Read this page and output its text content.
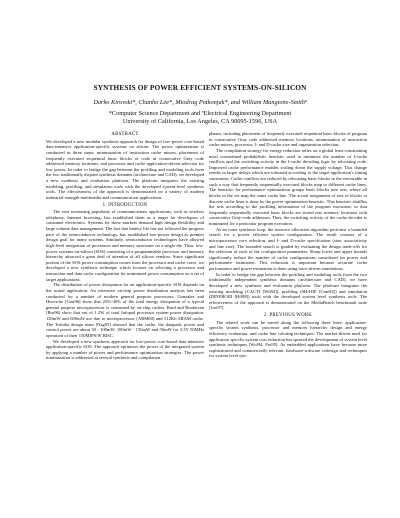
SYNTHESIS OF POWER EFFICIENT SYSTEMS-ON-SILICON
Darko Kirovski*, Chunho Lee*, Miodrag Potkonjak*, and William Mangione-Smithª
*Computer Science Department and ªElectrical Engineering Department
University of California, Los Angeles, CA 90095-1596, USA
ABSTRACT

We developed a new modular synthesis approach for design of low-power core-based data-intensive application-specific systems on silicon. The power optimization is conducted in three steps: minimization of instruction cache misses, placement of frequently executed sequential basic blocks of code in consecutive Gray code addressed memory locations, and processor and cache application-driven selection for low power. In order to bridge the gap between the profiling and modeling tools from the two traditionally disjoint synthesis domains (architecture and CAD), we developed a new synthesis and evaluation platform. The platform integrates the existing modeling, profiling, and simulation tools with the developed system-level synthesis tools. The effectiveness of the approach is demonstrated on a variety of modern industrial-strength multimedia and communication applications.

1. INTRODUCTION

The ever increasing popularity of communications applications, such as wireless telephony, Internet browsing, has established them as a target for developers of consumer electronics. Systems for these markets demand high design flexibility and large volume data management. The fact that battery life has not followed the progress pace of the semiconductor technology, has established low-power design as premier design goal for many systems. Similarly, semiconductor technologies have allowed high-level integration of processors and memory structures on a single die. Thus, low-power systems-on-silicon (SOS) consisting of a programmable processor and memory hierarchy attracted a great deal of attention of all silicon vendors. Since significant portion of the SOS power consumption comes from the processor and cache cores, we developed a new synthesis technique which focuses on selecting a processor and instruction and data cache configuration for minimized power consumption on a set of target applications.

The distribution of power dissipation for an application-specific SOS depends on the actual application. An extensive on-chip power distribution analysis has been conducted for a number of modern general purpose processors. Gonzalez and Horowitz [Gon96] show that 25%-40% of the total energy dissipation of a typical general purpose microprocessor is consumed by on-chip caches. Burd and Brodersen [Bur96] show that out of 1.2W of total Infopad processor system power dissipation, 120mW and 600mW are due to microprocessor (ARM60) and 512Kb SRAM cache. The Toshiba design team [Nag95] showed that the cache, the datapath, power and control power are about 50 - 100mW, 100mW - 150mW and 50mW for 3.3V 50MHz operation of their 150MIPS/W RISC.

We developed a new synthesis approach for low-power core-based data-intensive application-specific SOS. The approach optimizes the power of the integrated system by applying a number of power and performance optimization strategies. The power minimization is addressed at several synthesis and compilation

phases, including placement of frequently executed sequential basic blocks of program in consecutive Gray code addressed memory locations, minimization of instruction cache misses, processor, I- and D-cache size and organization selection.

The compilation strategy for energy reduction relies on a global least-constraining most constrained probabilistic heuristic used to minimize the number of I-cache conflicts and the switching activity in the I-cache decoding logic by relocating code. Improved cache performance enables scaling down the supply voltage. This change results in larger delays which are tolerated according to the target application's timing constraints. Cache conflicts are reduced by relocating basic blocks in the executable in such a way that frequently sequentially executed blocks map to different cache lines. The heuristic for performance optimization groups basic blocks into sets, where all blocks in the set map the same cache line. The actual assignment of sets of blocks to discrete cache lines is done by the power optimization heuristic. This heuristic shuffles the sets according to the profiling information of the program execution, so that frequently sequentially executed basic blocks are stored into memory locations with consecutive Gray-code addresses. Thus, the switching activity of the cache decoder is minimized for a particular program execution.

As an outer synthesis loop, the resource allocation algorithm performs a bounded search for a power efficient system configuration. The result consists of a microprocessor core selection, and I- and D-cache specification (size, associativity and line size). The bounded search is guided by evaluating the design trade-offs for the selection of each of the configuration parameters. Sharp lower and upper bounds significantly reduce the number of cache configurations considered for power and performance estimation. This reduction is important because accurate cache performance and power estimation is done using trace-driven simulations.

In order to bridge the gap between the profiling and modeling tools from the two traditionally independent synthesis domains (architecture and CAD), we have developed a new synthesis and evaluation platform. The platform integrates the existing modeling (CACTI [Wil94]), profiling (SHADE [Cme94]) and simulation (DINEROIII [Hil88]) tools with the developed system level synthesis tools. The effectiveness of the approach is demonstrated on the MediaBench benchmark suite [Lee97].

2. PREVIOUS WORK

The related work can be traced along the following three lines: application-specific system synthesis, processor and memory hierarchy design and energy efficiency evaluation, and cache line coloring techniques. The market-driven need for application specific system cost reduction has spurred the development of system level synthesis techniques [Wol94, Pot95]. As embedded applications have become more sophisticated and commercially relevant, hardware-software codesign and techniques for system level syn-
